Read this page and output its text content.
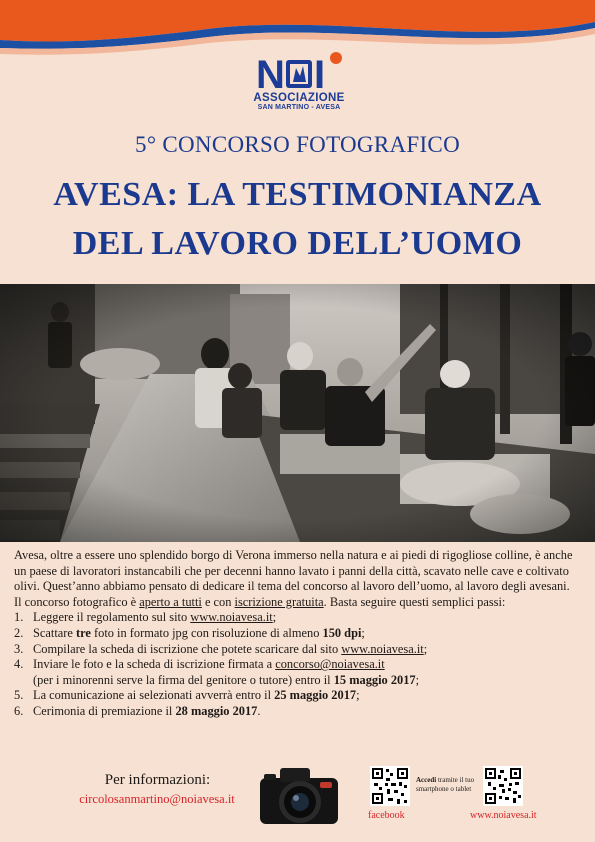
N I
ASSOCIAZIONE
SAN MARTINO - AVESA
5° CONCORSO FOTOGRAFICO
AVESA: LA TESTIMONIANZA
DEL LAVORO DELL’UOMO

Avesa, oltre a essere uno splendido borgo di Verona immerso nella natura e ai piedi di rigogliose colline, è anche un paese di lavoratori instancabili che per decenni hanno lavato i panni della città, scavato nelle cave e coltivato olivi. Quest’anno abbiamo pensato di dedicare il tema del concorso al lavoro dell’uomo, al lavoro degli avesani.

Il concorso fotografico è aperto a tutti e con iscrizione gratuita. Basta seguire questi semplici passi:

1. Leggere il regolamento sul sito www.noiavesa.it;
2. Scattare tre foto in formato jpg con risoluzione di almeno 150 dpi;
3. Compilare la scheda di iscrizione che potete scaricare dal sito www.noiavesa.it;
4. Inviare le foto e la scheda di iscrizione firmata a concorso@noiavesa.it
(per i minorenni serve la firma del genitore o tutore) entro il 15 maggio 2017;
5. La comunicazione ai selezionati avverrà entro il 25 maggio 2017;
6. Cerimonia di premiazione il 28 maggio 2017.
Per informazioni:
circolosanmartino@noiavesa.it
Accedi tramite il tuo smartphone o tablet
facebook	www.noiavesa.it
